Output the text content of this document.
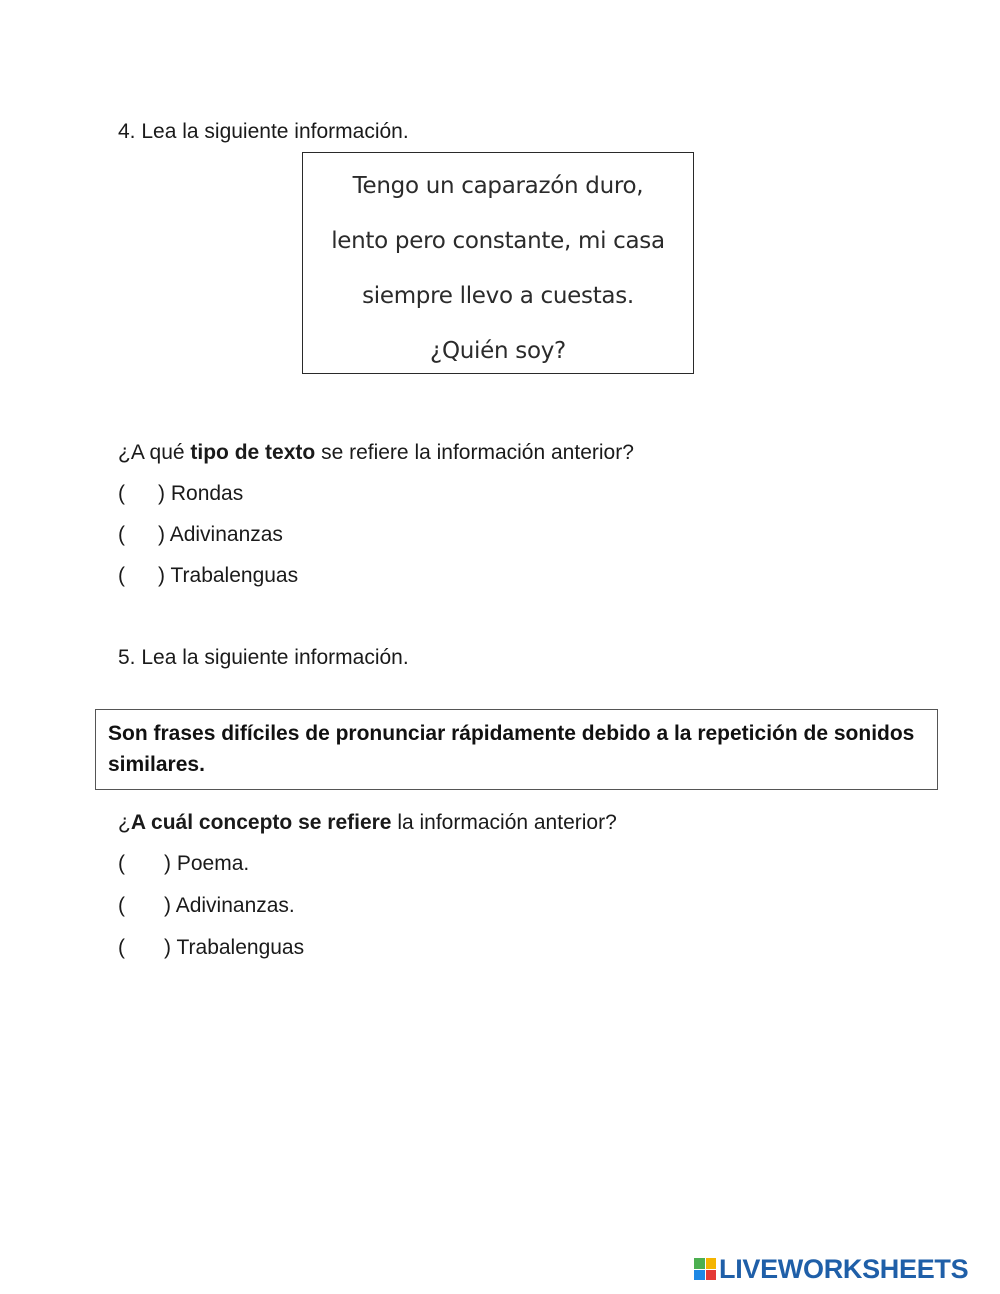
4. Lea la siguiente información.
Tengo un caparazón duro,
lento pero constante, mi casa
siempre llevo a cuestas.
¿Quién soy?
¿A qué tipo de texto se refiere la información anterior?
( ) Rondas
( ) Adivinanzas
( ) Trabalenguas
5. Lea la siguiente información.
Son frases difíciles de pronunciar rápidamente debido a la repetición de sonidos similares.
¿A cuál concepto se refiere la información anterior?
( ) Poema.
( ) Adivinanzas.
( ) Trabalenguas
LIVEWORKSHEETS
